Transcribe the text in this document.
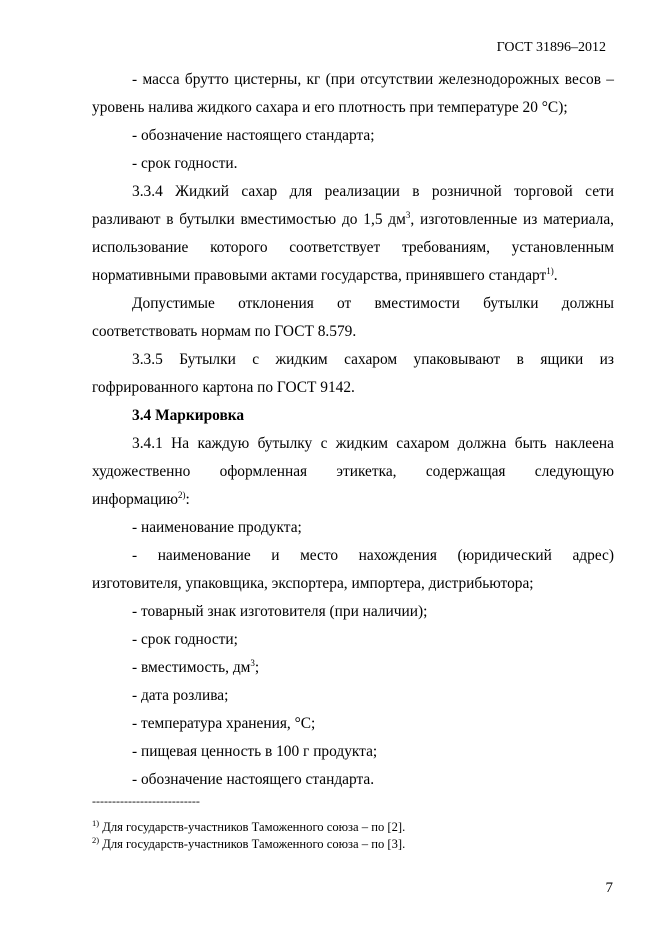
ГОСТ 31896–2012

- масса брутто цистерны, кг (при отсутствии железнодорожных весов –

уровень налива жидкого сахара и его плотность при температуре 20 °С);

- обозначение настоящего стандарта;

- срок годности.

3.3.4 Жидкий сахар для реализации в розничной торговой сети

разливают в бутылки вместимостью до 1,5 $дм^3$, изготовленные из материала,

использование которого соответствует требованиям, установленным

нормативными правовыми актами государства, принявшего стандарт$^{1)}$.

Допустимые отклонения от вместимости бутылки должны

соответствовать нормам по ГОСТ 8.579.

3.3.5 Бутылки с жидким сахаром упаковывают в ящики из

гофрированного картона по ГОСТ 9142.

3.4 Маркировка

3.4.1 На каждую бутылку с жидким сахаром должна быть наклеена

художественно оформленная этикетка, содержащая следующую

информацию$^{2)}$:

- наименование продукта;

- наименование и место нахождения (юридический адрес)

изготовителя, упаковщика, экспортера, импортера, дистрибьютора;

- товарный знак изготовителя (при наличии);

- срок годности;

- вместимость, $дм^3$;

- дата розлива;

- температура хранения, °С;

- пищевая ценность в 100 г продукта;

- обозначение настоящего стандарта.

---------------------------
$^{1)}$ Для государств-участников Таможенного союза – по [2].
$^{2)}$ Для государств-участников Таможенного союза – по [3].
7
